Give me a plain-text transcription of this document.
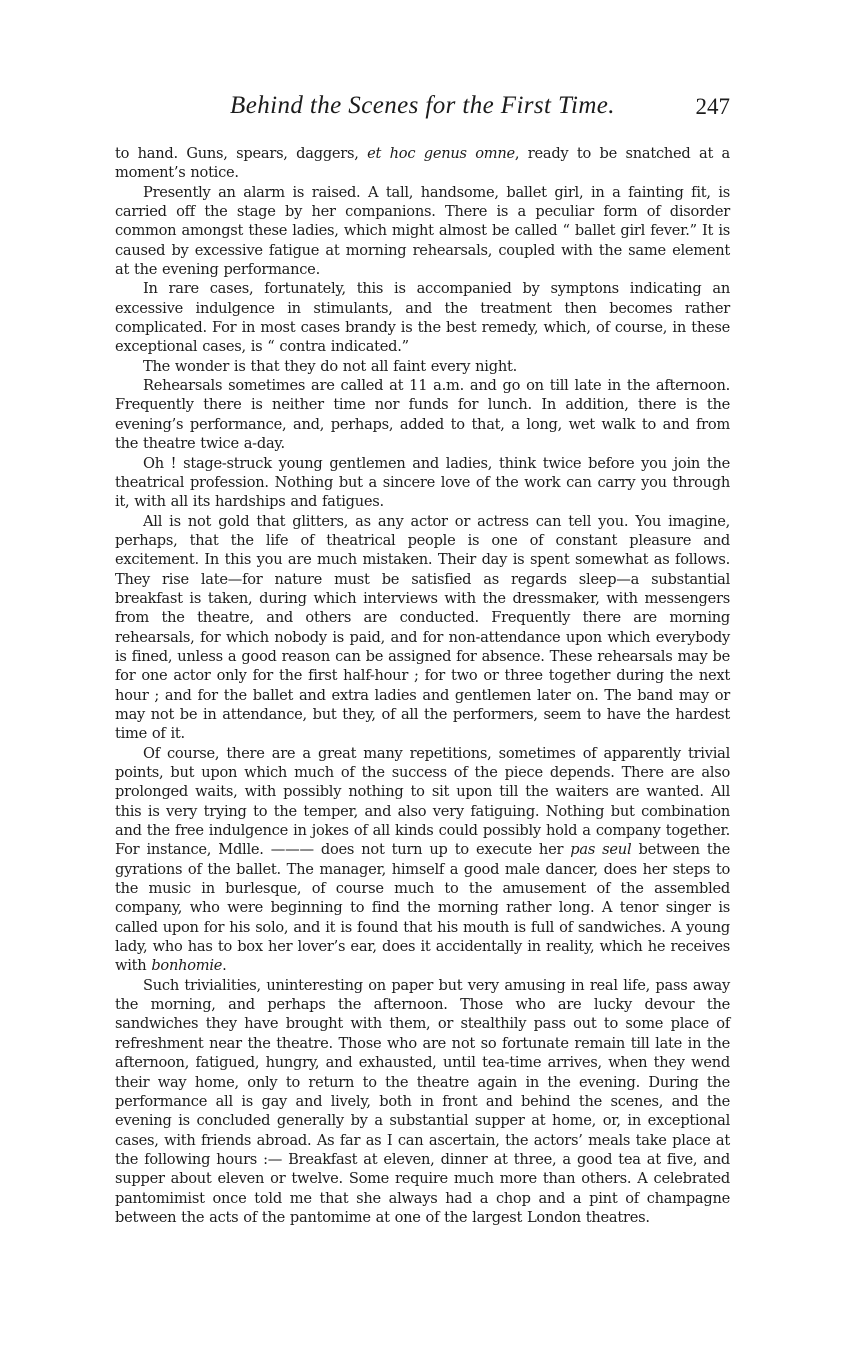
Behind the Scenes for the First Time.	247

to hand. Guns, spears, daggers, et hoc genus omne, ready to be snatched at a moment’s notice.

Presently an alarm is raised. A tall, handsome, ballet girl, in a fainting fit, is carried off the stage by her companions. There is a peculiar form of disorder common amongst these ladies, which might almost be called “ ballet girl fever.” It is caused by excessive fatigue at morning rehearsals, coupled with the same element at the evening performance.

In rare cases, fortunately, this is accompanied by symptons indicating an excessive indulgence in stimulants, and the treatment then becomes rather complicated. For in most cases brandy is the best remedy, which, of course, in these exceptional cases, is “ contra indicated.”

The wonder is that they do not all faint every night.

Rehearsals sometimes are called at 11 a.m. and go on till late in the afternoon. Frequently there is neither time nor funds for lunch. In addition, there is the evening’s performance, and, perhaps, added to that, a long, wet walk to and from the theatre twice a-day.

Oh ! stage-struck young gentlemen and ladies, think twice before you join the theatrical profession. Nothing but a sincere love of the work can carry you through it, with all its hardships and fatigues.

All is not gold that glitters, as any actor or actress can tell you. You imagine, perhaps, that the life of theatrical people is one of constant pleasure and excitement. In this you are much mistaken. Their day is spent somewhat as follows. They rise late—for nature must be satisfied as regards sleep—a substantial breakfast is taken, during which interviews with the dressmaker, with messengers from the theatre, and others are conducted. Frequently there are morning rehearsals, for which nobody is paid, and for non-attendance upon which everybody is fined, unless a good reason can be assigned for absence. These rehearsals may be for one actor only for the first half-hour ; for two or three together during the next hour ; and for the ballet and extra ladies and gentlemen later on. The band may or may not be in attendance, but they, of all the performers, seem to have the hardest time of it.

Of course, there are a great many repetitions, sometimes of apparently trivial points, but upon which much of the success of the piece depends. There are also prolonged waits, with possibly nothing to sit upon till the waiters are wanted. All this is very trying to the temper, and also very fatiguing. Nothing but combination and the free indulgence in jokes of all kinds could possibly hold a company together. For instance, Mdlle. ——— does not turn up to execute her pas seul between the gyrations of the ballet. The manager, himself a good male dancer, does her steps to the music in burlesque, of course much to the amusement of the assembled company, who were beginning to find the morning rather long. A tenor singer is called upon for his solo, and it is found that his mouth is full of sandwiches. A young lady, who has to box her lover’s ear, does it accidentally in reality, which he receives with bonhomie.

Such trivialities, uninteresting on paper but very amusing in real life, pass away the morning, and perhaps the afternoon. Those who are lucky devour the sandwiches they have brought with them, or stealthily pass out to some place of refreshment near the theatre. Those who are not so fortunate remain till late in the afternoon, fatigued, hungry, and exhausted, until tea-time arrives, when they wend their way home, only to return to the theatre again in the evening. During the performance all is gay and lively, both in front and behind the scenes, and the evening is concluded generally by a substantial supper at home, or, in exceptional cases, with friends abroad. As far as I can ascertain, the actors’ meals take place at the following hours :— Breakfast at eleven, dinner at three, a good tea at five, and supper about eleven or twelve. Some require much more than others. A celebrated pantomimist once told me that she always had a chop and a pint of champagne between the acts of the pantomime at one of the largest London theatres.
